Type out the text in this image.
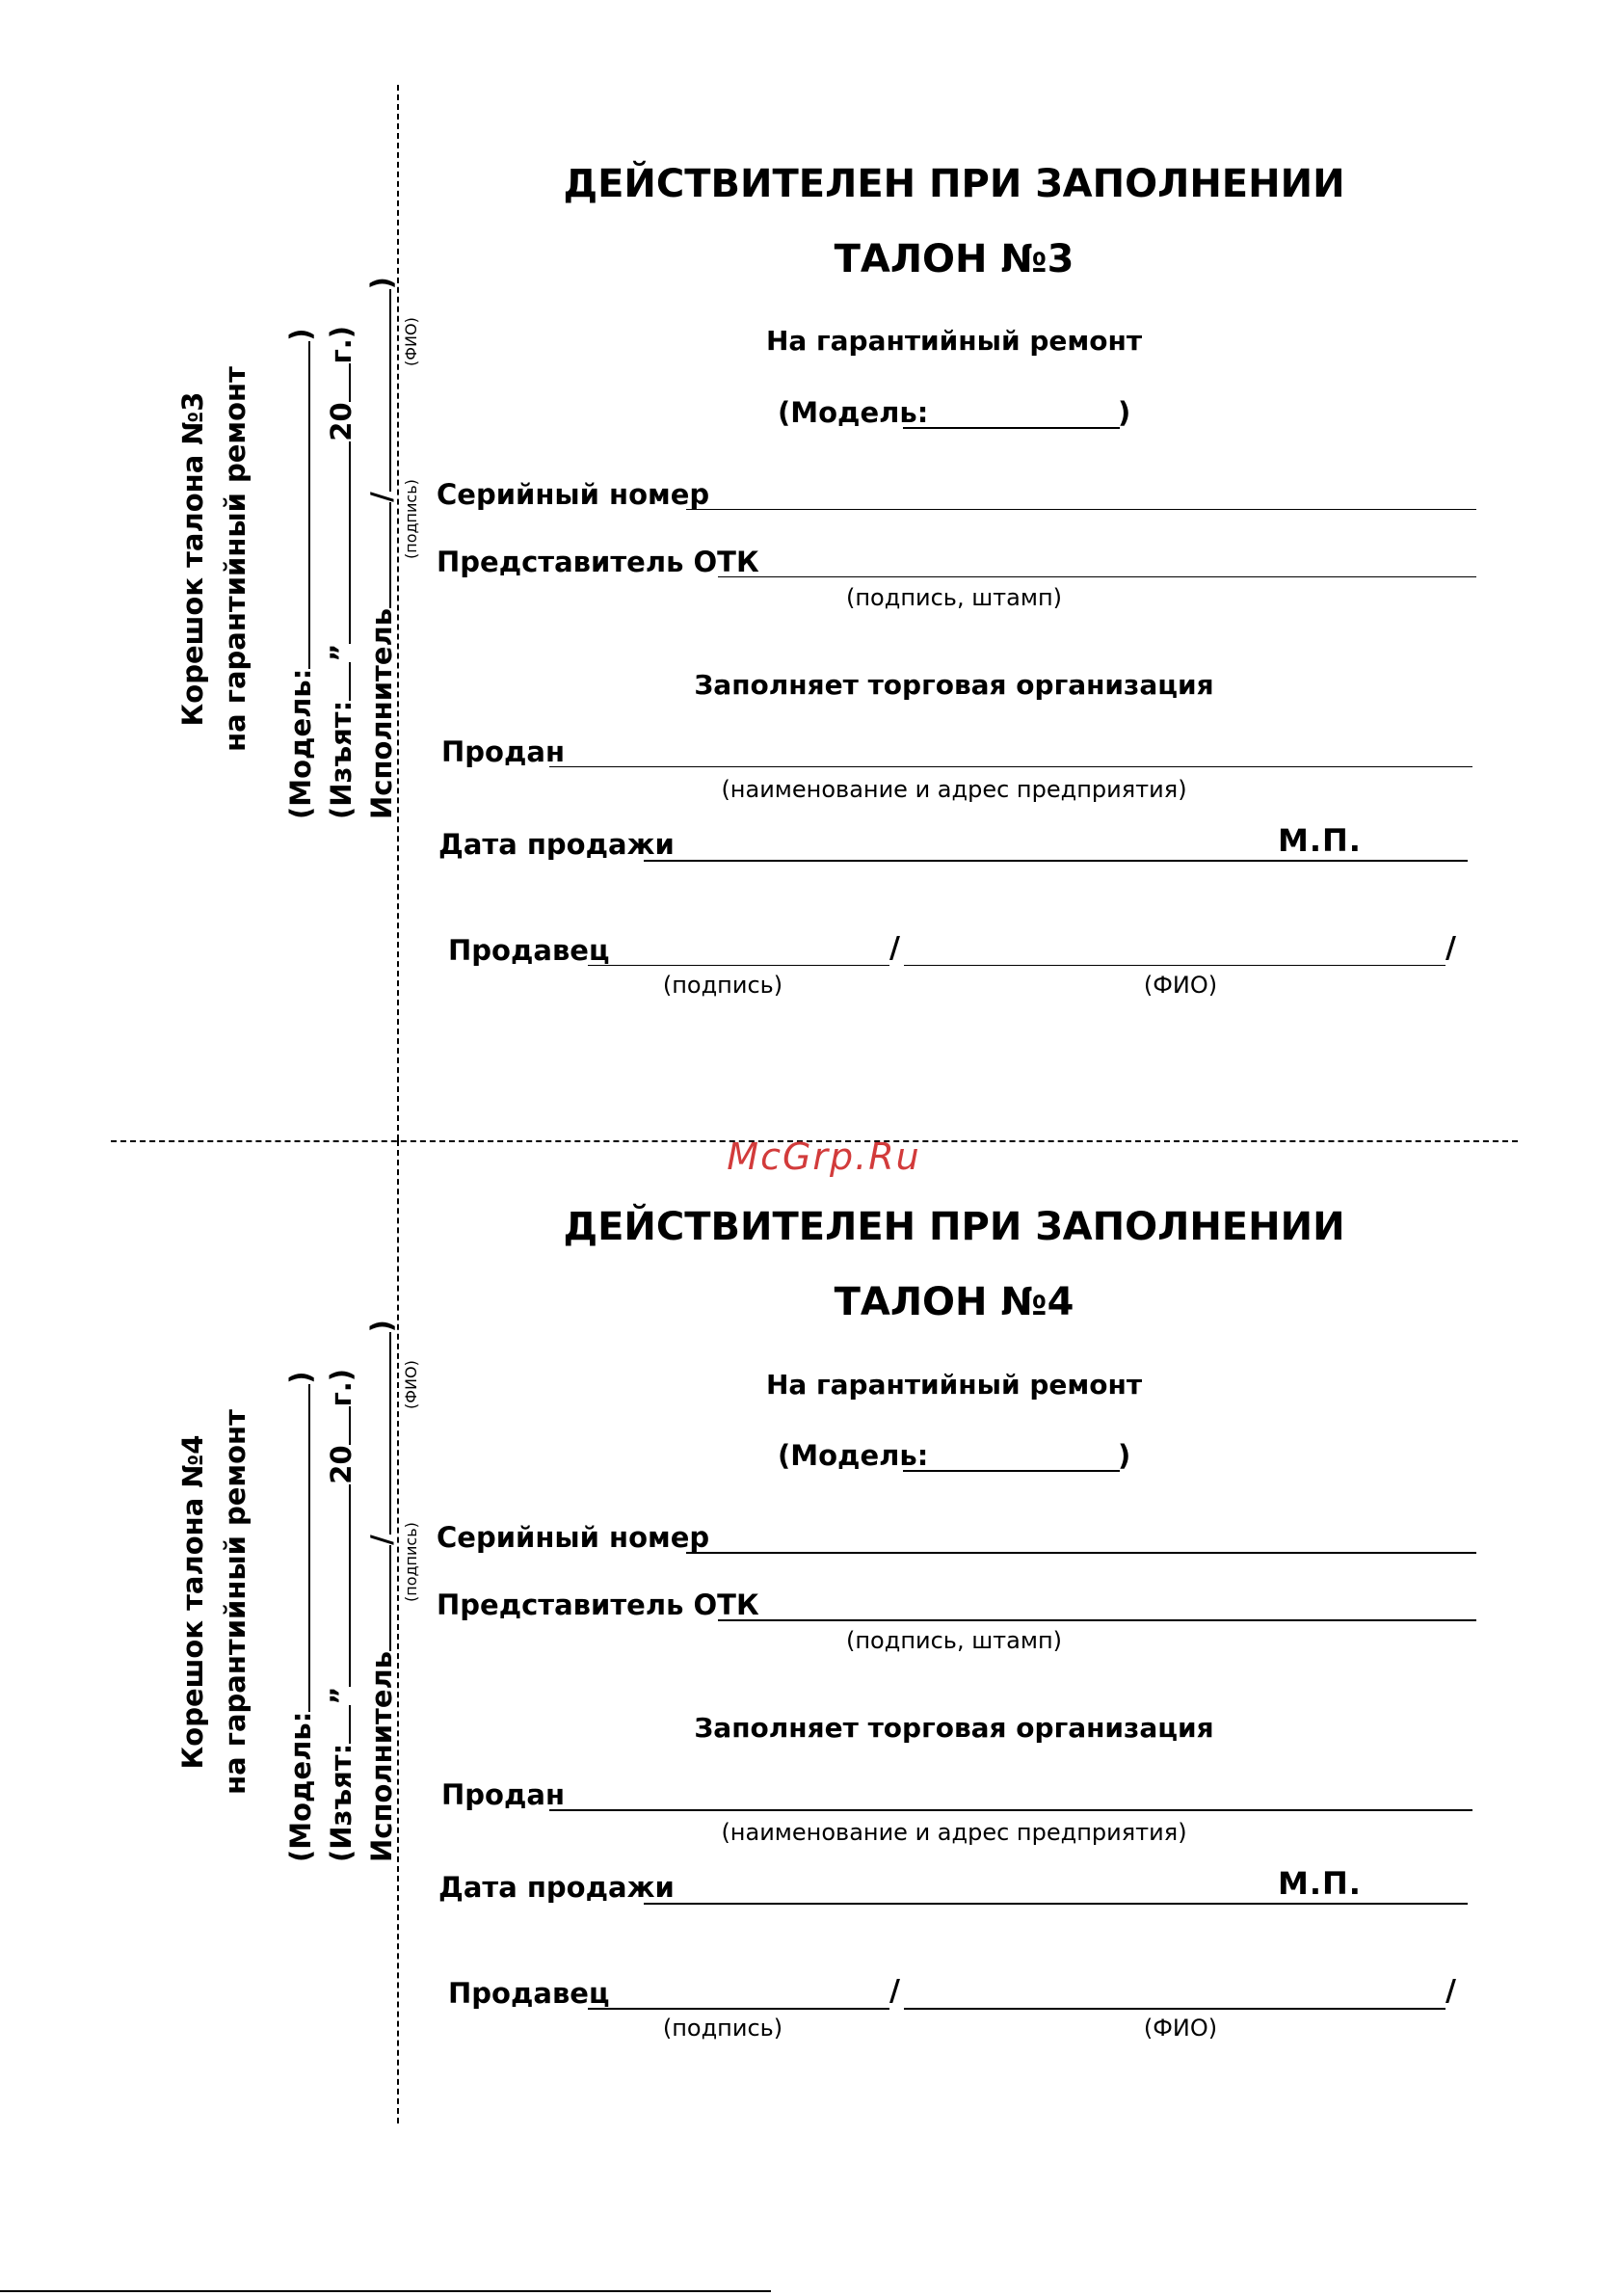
ДЕЙСТВИТЕЛЕН ПРИ ЗАПОЛНЕНИИ
ТАЛОН №3
На гарантийный ремонт
(Модель:	)
Серийный номер
Представитель ОТК
(подпись, штамп)
Заполняет торговая организация
Продан
(наименование и адрес предприятия)
Дата продажи	М.П.
Продавец	/	/
(подпись)	(ФИО)
Корешок талона №3 на гарантийный ремонт (Модель:)
(Изъят:”20г.)
Исполнитель/)
(подпись)
(ФИО)
McGrp.Ru
ДЕЙСТВИТЕЛЕН ПРИ ЗАПОЛНЕНИИ
ТАЛОН №4
На гарантийный ремонт
(Модель:	)
Серийный номер
Представитель ОТК
(подпись, штамп)
Заполняет торговая организация
Продан
(наименование и адрес предприятия)
Дата продажи	М.П.
Продавец	/	/
(подпись)	(ФИО)
Корешок талона №4 на гарантийный ремонт (Модель:)
(Изъят:”20г.)
Исполнитель/)
(подпись)
(ФИО)
